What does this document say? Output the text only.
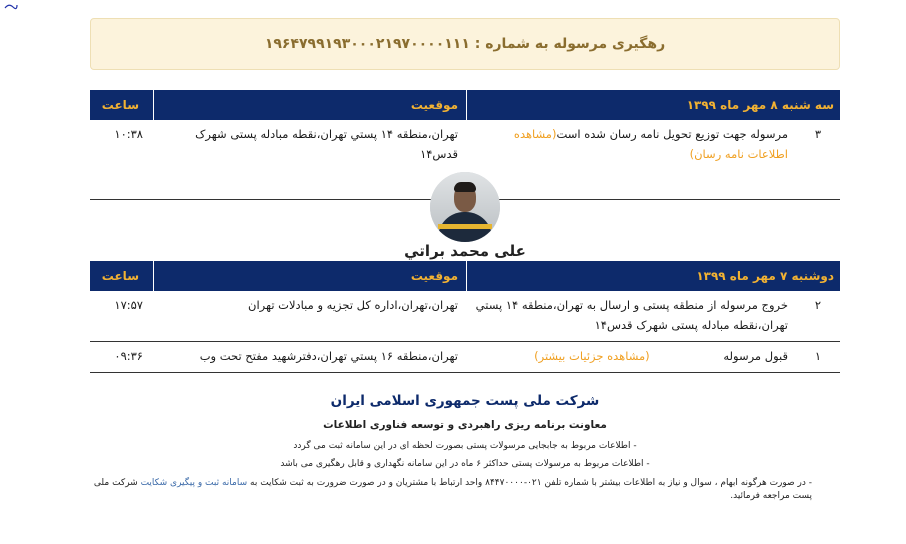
رهگیری مرسوله به شماره : ۱۹۶۴۷۹۹۱۹۳۰۰۰۲۱۹۷۰۰۰۰۱۱۱
سه شنبه ۸ مهر ماه ۱۳۹۹
موقعیت
ساعت
۳
مرسوله جهت توزیع تحویل نامه رسان شده است(مشاهده اطلاعات نامه رسان)
تهران،منطقه ۱۴ پستي تهران،نقطه مبادله پستی شهرک قدس۱۴
۱۰:۳۸
علی محمد براتي
دوشنبه ۷ مهر ماه ۱۳۹۹
موقعیت
ساعت
۲
خروج مرسوله از منطقه پستی و ارسال به تهران،منطقه ۱۴ پستي تهران،نقطه مبادله پستی شهرک قدس۱۴
تهران،تهران،اداره کل تجزیه و مبادلات تهران
۱۷:۵۷
۱
قبول مرسوله (مشاهده جزئیات بیشتر)
تهران،منطقه ۱۶ پستي تهران،دفترشهید مفتح تحت وب
۰۹:۳۶
شرکت ملی پست جمهوری اسلامی ایران
معاونت برنامه ریزی راهبردی و توسعه فناوری اطلاعات
- اطلاعات مربوط به جابجایی مرسولات پستی بصورت لحظه ای در این سامانه ثبت می گردد
- اطلاعات مربوط به مرسولات پستی حداکثر ۶ ماه در این سامانه نگهداری و قابل رهگیری می باشد
- در صورت هرگونه ابهام ، سوال و نیاز به اطلاعات بیشتر با شماره تلفن ۰۲۱-۸۴۴۷۰۰۰۰ واحد ارتباط با مشتریان و در صورت ضرورت به ثبت شکایت به سامانه ثبت و پیگیری شکایت شرکت ملی پست مراجعه فرمائید.
